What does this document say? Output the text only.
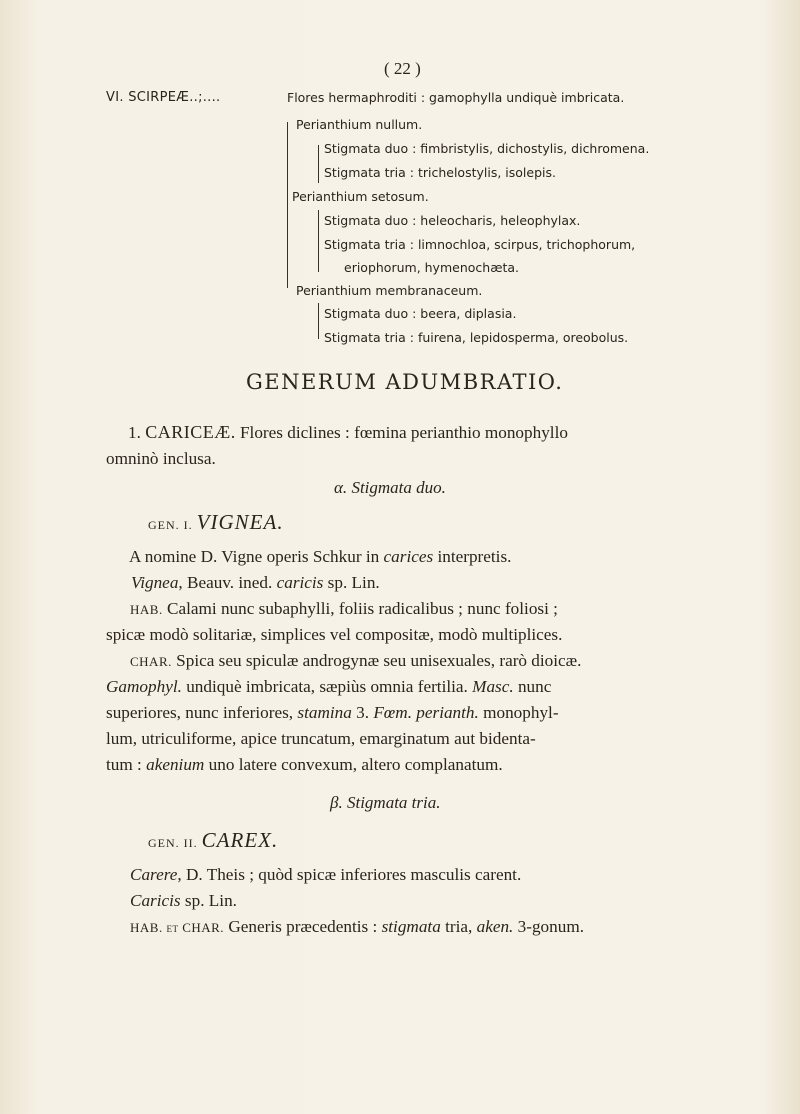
( 22 )
VI. SCIRPEÆ..;....	Flores hermaphroditi : gamophylla undiquè imbricata.
Perianthium nullum.
Stigmata duo : fimbristylis, dichostylis, dichromena.
Stigmata tria : trichelostylis, isolepis.
Perianthium setosum.
Stigmata duo : heleocharis, heleophylax.
Stigmata tria : limnochloa, scirpus, trichophorum,
eriophorum, hymenochæta.
Perianthium membranaceum.
Stigmata duo : beera, diplasia.
Stigmata tria : fuirena, lepidosperma, oreobolus.
GENERUM ADUMBRATIO.
1. CARICEÆ. Flores diclines : fœmina perianthio monophyllo
omninò inclusa.
α. Stigmata duo.
GEN. I. VIGNEA.
A nomine D. Vigne operis Schkur in carices interpretis.
Vignea, Beauv. ined. caricis sp. Lin.
HAB. Calami nunc subaphylli, foliis radicalibus ; nunc foliosi ;
spicæ modò solitariæ, simplices vel compositæ, modò multiplices.
CHAR. Spica seu spiculæ androgynæ seu unisexuales, rarò dioicæ.
Gamophyl. undiquè imbricata, sæpiùs omnia fertilia. Masc. nunc
superiores, nunc inferiores, stamina 3. Fœm. perianth. monophyl-
lum, utriculiforme, apice truncatum, emarginatum aut bidenta-
tum : akenium uno latere convexum, altero complanatum.
β. Stigmata tria.
GEN. II. CAREX.
Carere, D. Theis ; quòd spicæ inferiores masculis carent.
Caricis sp. Lin.
HAB. et CHAR. Generis præcedentis : stigmata tria, aken. 3-gonum.
